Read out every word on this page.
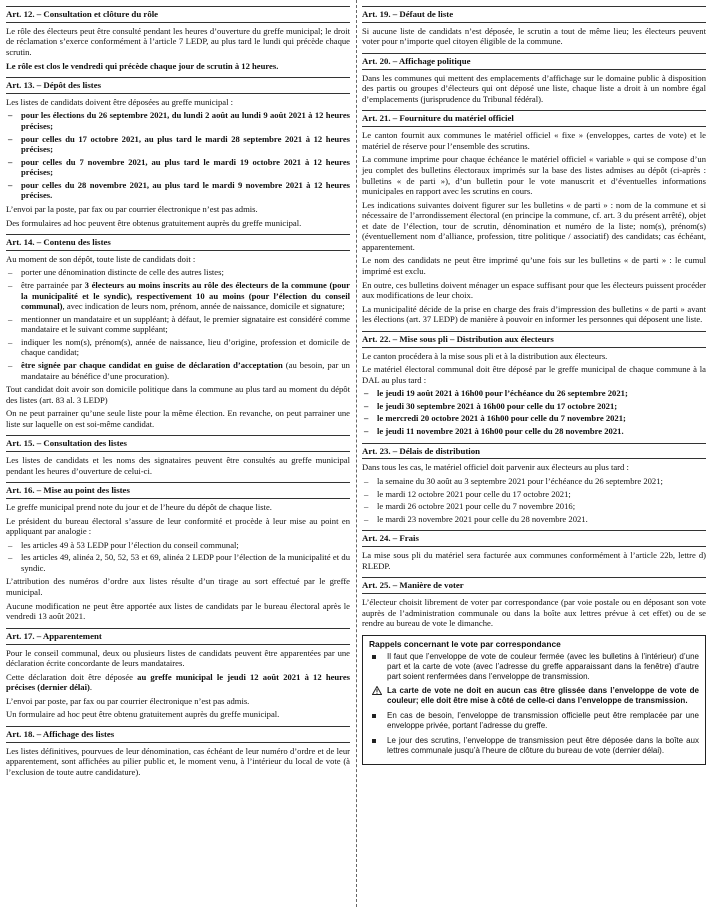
Art. 12. – Consultation et clôture du rôle

Le rôle des électeurs peut être consulté pendant les heures d’ouverture du greffe municipal; le droit de réclamation s’exerce conformément à l’article 7 LEDP, au plus tard le lundi qui précède chaque scrutin.

Le rôle est clos le vendredi qui précède chaque jour de scrutin à 12 heures.

Art. 13. – Dépôt des listes

Les listes de candidats doivent être déposées au greffe municipal :

– pour les élections du 26 septembre 2021, du lundi 2 août au lundi 9 août 2021 à 12 heures précises;
– pour celles du 17 octobre 2021, au plus tard le mardi 28 septembre 2021 à 12 heures précises;
– pour celles du 7 novembre 2021, au plus tard le mardi 19 octobre 2021 à 12 heures précises;
– pour celles du 28 novembre 2021, au plus tard le mardi 9 novembre 2021 à 12 heures précises.

L’envoi par la poste, par fax ou par courrier électronique n’est pas admis.

Des formulaires ad hoc peuvent être obtenus gratuitement auprès du greffe municipal.

Art. 14. – Contenu des listes

Au moment de son dépôt, toute liste de candidats doit :

– porter une dénomination distincte de celle des autres listes;
– être parrainée par 3 électeurs au moins inscrits au rôle des électeurs de la commune (pour la municipalité et le syndic), respectivement 10 au moins (pour l’élection du conseil communal), avec indication de leurs nom, prénom, année de naissance, domicile et signature;
– mentionner un mandataire et un suppléant; à défaut, le premier signataire est considéré comme mandataire et le suivant comme suppléant;
– indiquer les nom(s), prénom(s), année de naissance, lieu d’origine, profession et domicile de chaque candidat;
– être signée par chaque candidat en guise de déclaration d’acceptation (au besoin, par un mandataire au bénéfice d’une procuration).

Tout candidat doit avoir son domicile politique dans la commune au plus tard au moment du dépôt des listes (art. 83 al. 3 LEDP)

On ne peut parrainer qu’une seule liste pour la même élection. En revanche, on peut parrainer une liste sur laquelle on est soi-même candidat.

Art. 15. – Consultation des listes

Les listes de candidats et les noms des signataires peuvent être consultés au greffe municipal pendant les heures d’ouverture de celui-ci.

Art. 16. – Mise au point des listes

Le greffe municipal prend note du jour et de l’heure du dépôt de chaque liste.

Le président du bureau électoral s’assure de leur conformité et procède à leur mise au point en appliquant par analogie :

– les articles 49 à 53 LEDP pour l’élection du conseil communal;
– les articles 49, alinéa 2, 50, 52, 53 et 69, alinéa 2 LEDP pour l’élection de la municipalité et du syndic.

L’attribution des numéros d’ordre aux listes résulte d’un tirage au sort effectué par le greffe municipal.

Aucune modification ne peut être apportée aux listes de candidats par le bureau électoral après le vendredi 13 août 2021.

Art. 17. – Apparentement

Pour le conseil communal, deux ou plusieurs listes de candidats peuvent être apparentées par une déclaration écrite concordante de leurs mandataires.

Cette déclaration doit être déposée au greffe municipal le jeudi 12 août 2021 à 12 heures précises (dernier délai).

L’envoi par poste, par fax ou par courrier électronique n’est pas admis.

Un formulaire ad hoc peut être obtenu gratuitement auprès du greffe municipal.

Art. 18. – Affichage des listes

Les listes définitives, pourvues de leur dénomination, cas échéant de leur numéro d’ordre et de leur apparentement, sont affichées au pilier public et, le moment venu, à l’intérieur du local de vote (à l’exclusion de toute autre candidature).

Art. 19. – Défaut de liste

Si aucune liste de candidats n’est déposée, le scrutin a tout de même lieu; les électeurs peuvent voter pour n’importe quel citoyen éligible de la commune.

Art. 20. – Affichage politique

Dans les communes qui mettent des emplacements d’affichage sur le domaine public à disposition des partis ou groupes d’électeurs qui ont déposé une liste, chaque liste a droit à un nombre égal d’emplacements (jurisprudence du Tribunal fédéral).

Art. 21. – Fourniture du matériel officiel

Le canton fournit aux communes le matériel officiel « fixe » (enveloppes, cartes de vote) et le matériel de réserve pour l’ensemble des scrutins.

La commune imprime pour chaque échéance le matériel officiel « variable » qui se compose d’un jeu complet des bulletins électoraux imprimés sur la base des listes admises au dépôt (ci-après : bulletins « de parti »), d’un bulletin pour le vote manuscrit et d’éventuelles informations municipales en rapport avec les scrutins en cours.

Les indications suivantes doivent figurer sur les bulletins « de parti » : nom de la commune et si nécessaire de l’arrondissement électoral (en principe la commune, cf. art. 3 du présent arrêté), objet et date de l’élection, tour de scrutin, dénomination et numéro de la liste; nom(s), prénom(s) (éventuellement nom d’alliance, profession, titre politique / associatif) des candidats; cas échéant, apparentement.

Le nom des candidats ne peut être imprimé qu’une fois sur les bulletins « de parti » : le cumul imprimé est exclu.

En outre, ces bulletins doivent ménager un espace suffisant pour que les électeurs puissent procéder aux modifications de leur choix.

La municipalité décide de la prise en charge des frais d’impression des bulletins « de parti » avant les élections (art. 37 LEDP) de manière à pouvoir en informer les personnes qui déposent une liste.

Art. 22. – Mise sous pli – Distribution aux électeurs

Le canton procédera à la mise sous pli et à la distribution aux électeurs.

Le matériel électoral communal doit être déposé par le greffe municipal de chaque commune à la DAL au plus tard :

– le jeudi 19 août 2021 à 16h00 pour l’échéance du 26 septembre 2021;
– le jeudi 30 septembre 2021 à 16h00 pour celle du 17 octobre 2021;
– le mercredi 20 octobre 2021 à 16h00 pour celle du 7 novembre 2021;
– le jeudi 11 novembre 2021 à 16h00 pour celle du 28 novembre 2021.
Art. 23. – Délais de distribution

Dans tous les cas, le matériel officiel doit parvenir aux électeurs au plus tard :

– la semaine du 30 août au 3 septembre 2021 pour l’échéance du 26 septembre 2021;
– le mardi 12 octobre 2021 pour celle du 17 octobre 2021;
– le mardi 26 octobre 2021 pour celle du 7 novembre 2016;
– le mardi 23 novembre 2021 pour celle du 28 novembre 2021.
Art. 24. – Frais

La mise sous pli du matériel sera facturée aux communes conformément à l’article 22b, lettre d) RLEDP.

Art. 25. – Manière de voter

L’électeur choisit librement de voter par correspondance (par voie postale ou en déposant son vote auprès de l’administration communale ou dans la boîte aux lettres prévue à cet effet) ou de se rendre au bureau de vote le dimanche.

Rappels concernant le vote par correspondance
Il faut que l’enveloppe de vote de couleur fermée (avec les bulletins à l’intérieur) d’une part et la carte de vote (avec l’adresse du greffe apparaissant dans la fenêtre) d’autre part soient renfermées dans l’enveloppe de transmission.
La carte de vote ne doit en aucun cas être glissée dans l’enveloppe de vote de couleur; elle doit être mise à côté de celle-ci dans l’enveloppe de transmission.
En cas de besoin, l’enveloppe de transmission officielle peut être remplacée par une enveloppe privée, portant l’adresse du greffe.
Le jour des scrutins, l’enveloppe de transmission peut être déposée dans la boîte aux lettres communale jusqu’à l’heure de clôture du bureau de vote (dernier délai).
